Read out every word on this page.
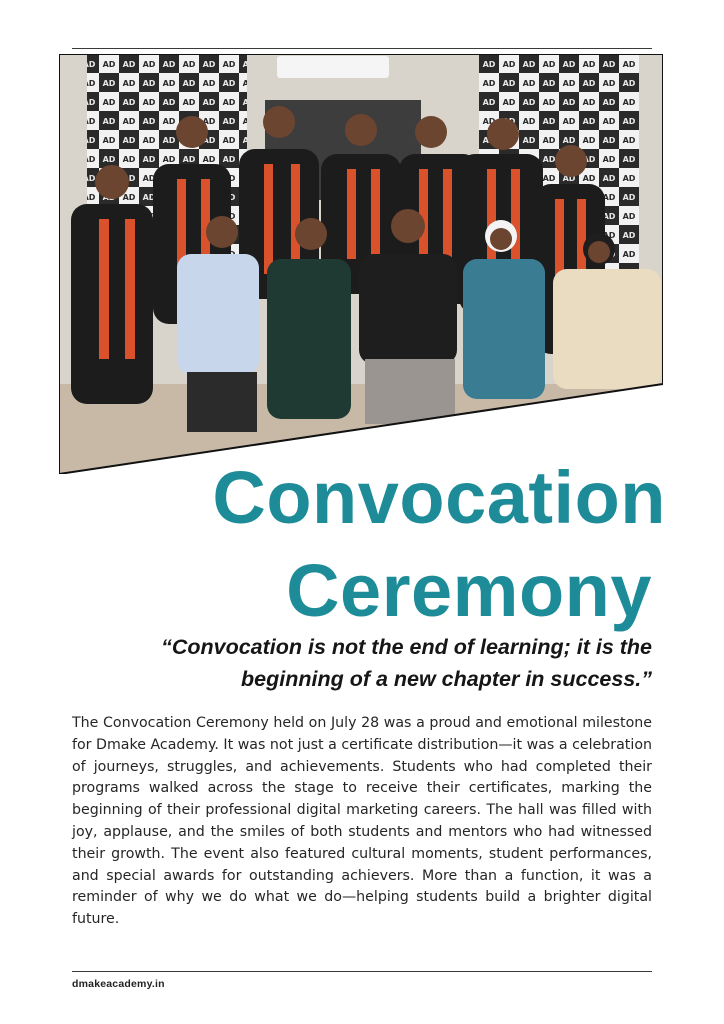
Convocation
Ceremony

“Convocation is not the end of learning; it is the
beginning of a new chapter in success.”

The Convocation Ceremony held on July 28 was a proud and emotional milestone for Dmake Academy. It was not just a certificate distribution—it was a celebration of journeys, struggles, and achievements. Students who had completed their programs walked across the stage to receive their certificates, marking the beginning of their professional digital marketing careers. The hall was filled with joy, applause, and the smiles of both students and mentors who had witnessed their growth. The event also featured cultural moments, student performances, and special awards for outstanding achievers. More than a function, it was a reminder of why we do what we do—helping students build a brighter digital future.

dmakeacademy.in
